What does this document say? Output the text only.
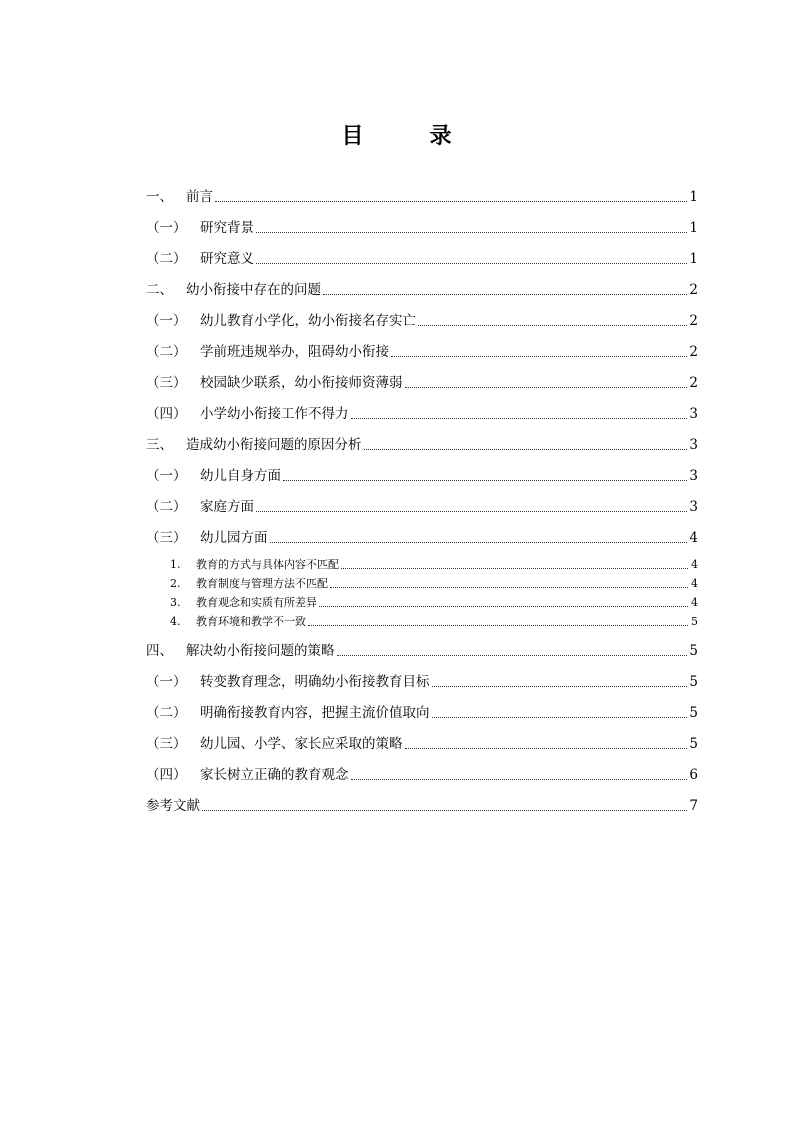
目　录
一、 前言	1
（一） 研究背景	1
（二） 研究意义	1
二、 幼小衔接中存在的问题	2
（一） 幼儿教育小学化，幼小衔接名存实亡	2
（二） 学前班违规举办，阻碍幼小衔接	2
（三） 校园缺少联系，幼小衔接师资薄弱	2
（四） 小学幼小衔接工作不得力	3
三、 造成幼小衔接问题的原因分析	3
（一） 幼儿自身方面	3
（二） 家庭方面	3
（三） 幼儿园方面	4
1. 教育的方式与具体内容不匹配	4
2. 教育制度与管理方法不匹配	4
3. 教育观念和实质有所差异	4
4. 教育环境和教学不一致	5
四、 解决幼小衔接问题的策略	5
（一） 转变教育理念，明确幼小衔接教育目标	5
（二） 明确衔接教育内容，把握主流价值取向	5
（三） 幼儿园、小学、家长应采取的策略	5
（四） 家长树立正确的教育观念	6
参考文献	7
